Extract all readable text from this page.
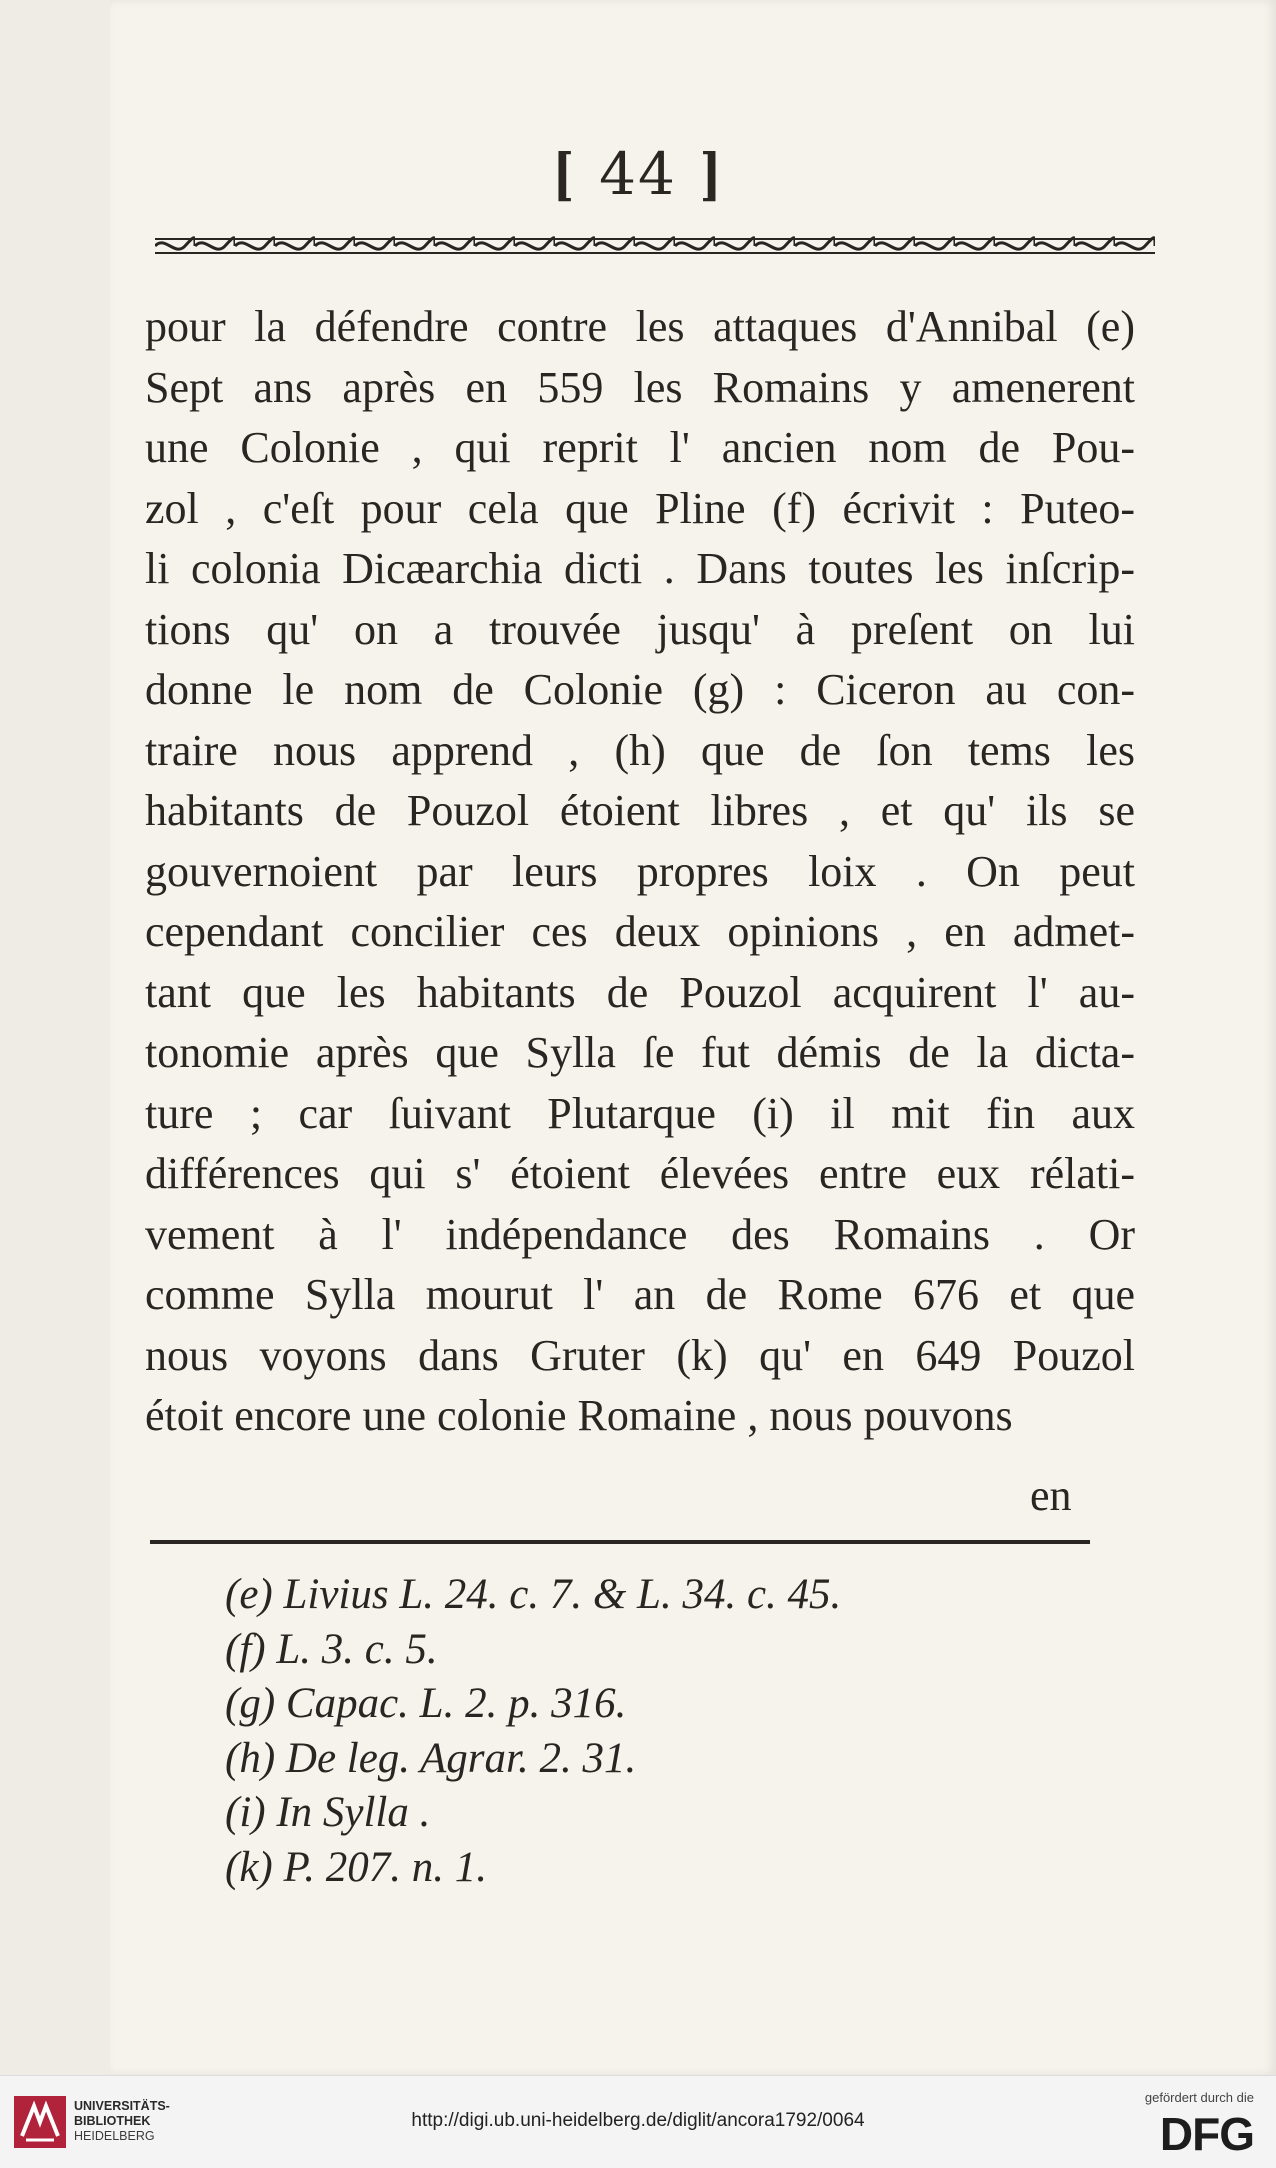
[ 44 ]
pour la défendre contre les attaques d'Annibal (e)
Sept ans après en 559 les Romains y amenerent
une Colonie , qui reprit l' ancien nom de Pou-
zol , c'eſt pour cela que Pline (f) écrivit : Puteo-
li colonia Dicæarchia dicti . Dans toutes les inſcrip-
tions qu' on a trouvée jusqu' à preſent on lui
donne le nom de Colonie (g) : Ciceron au con-
traire nous apprend , (h) que de ſon tems les
habitants de Pouzol étoient libres , et qu' ils se
gouvernoient par leurs propres loix . On peut
cependant concilier ces deux opinions , en admet-
tant que les habitants de Pouzol acquirent l' au-
tonomie après que Sylla ſe fut démis de la dicta-
ture ; car ſuivant Plutarque (i) il mit fin aux
différences qui s' étoient élevées entre eux rélati-
vement à l' indépendance des Romains . Or
comme Sylla mourut l' an de Rome 676 et que
nous voyons dans Gruter (k) qu' en 649 Pouzol
étoit encore une colonie Romaine , nous pouvons
en
(e) Livius L. 24. c. 7. & L. 34. c. 45.
(f) L. 3. c. 5.
(g) Capac. L. 2. p. 316.
(h) De leg. Agrar. 2. 31.
(i) In Sylla .
(k) P. 207. n. 1.
UNIVERSITÄTS-
BIBLIOTHEK
HEIDELBERG
http://digi.ub.uni-heidelberg.de/diglit/ancora1792/0064
gefördert durch die
DFG
